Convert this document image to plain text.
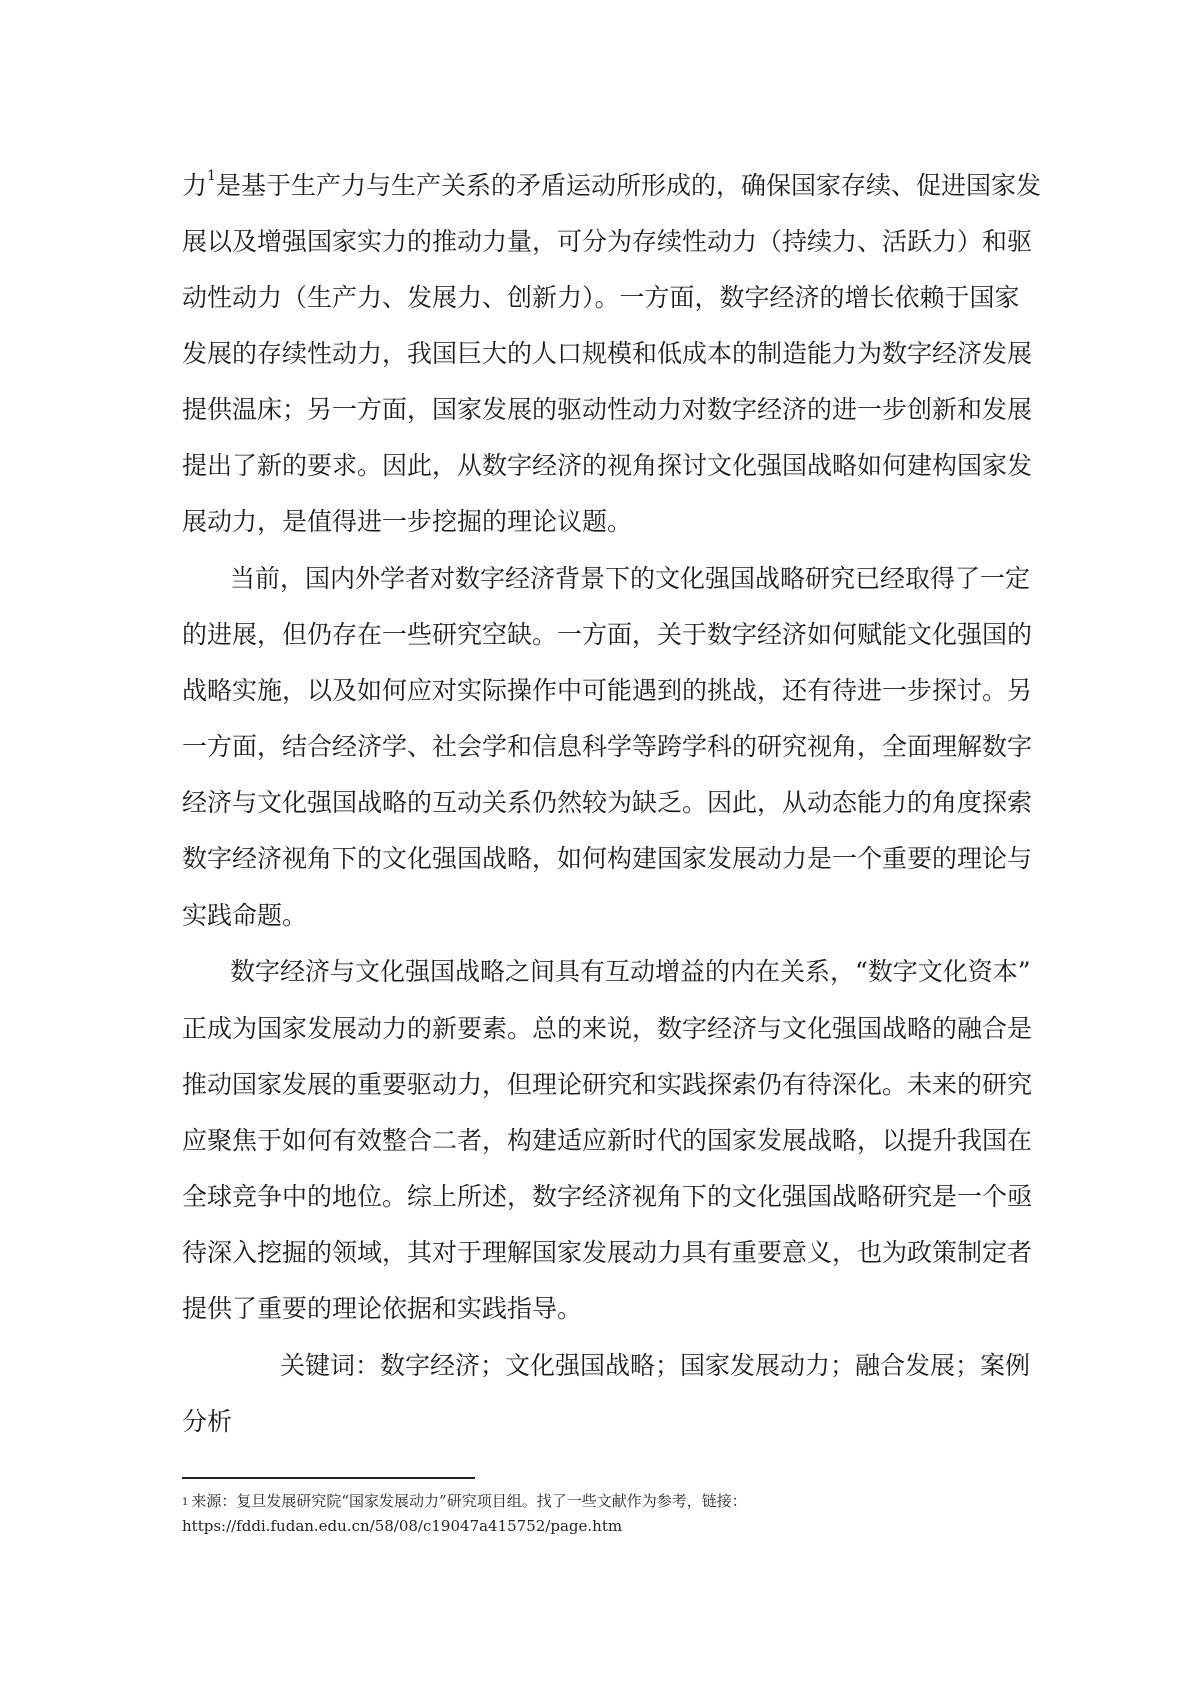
力$^1$是基于生产力与生产关系的矛盾运动所形成的，确保国家存续、促进国家发
展以及增强国家实力的推动力量，可分为存续性动力（持续力、活跃力）和驱
动性动力（生产力、发展力、创新力）。一方面，数字经济的增长依赖于国家
发展的存续性动力，我国巨大的人口规模和低成本的制造能力为数字经济发展
提供温床；另一方面，国家发展的驱动性动力对数字经济的进一步创新和发展
提出了新的要求。因此，从数字经济的视角探讨文化强国战略如何建构国家发
展动力，是值得进一步挖掘的理论议题。
当前，国内外学者对数字经济背景下的文化强国战略研究已经取得了一定
的进展，但仍存在一些研究空缺。一方面，关于数字经济如何赋能文化强国的
战略实施，以及如何应对实际操作中可能遇到的挑战，还有待进一步探讨。另
一方面，结合经济学、社会学和信息科学等跨学科的研究视角，全面理解数字
经济与文化强国战略的互动关系仍然较为缺乏。因此，从动态能力的角度探索
数字经济视角下的文化强国战略，如何构建国家发展动力是一个重要的理论与
实践命题。
数字经济与文化强国战略之间具有互动增益的内在关系，“数字文化资本”
正成为国家发展动力的新要素。总的来说，数字经济与文化强国战略的融合是
推动国家发展的重要驱动力，但理论研究和实践探索仍有待深化。未来的研究
应聚焦于如何有效整合二者，构建适应新时代的国家发展战略，以提升我国在
全球竞争中的地位。综上所述，数字经济视角下的文化强国战略研究是一个亟
待深入挖掘的领域，其对于理解国家发展动力具有重要意义，也为政策制定者
提供了重要的理论依据和实践指导。
关键词：数字经济；文化强国战略；国家发展动力；融合发展；案例
分析
$^1$ 来源：复旦发展研究院“国家发展动力”研究项目组。找了一些文献作为参考，链接：
https://fddi.fudan.edu.cn/58/08/c19047a415752/page.htm
